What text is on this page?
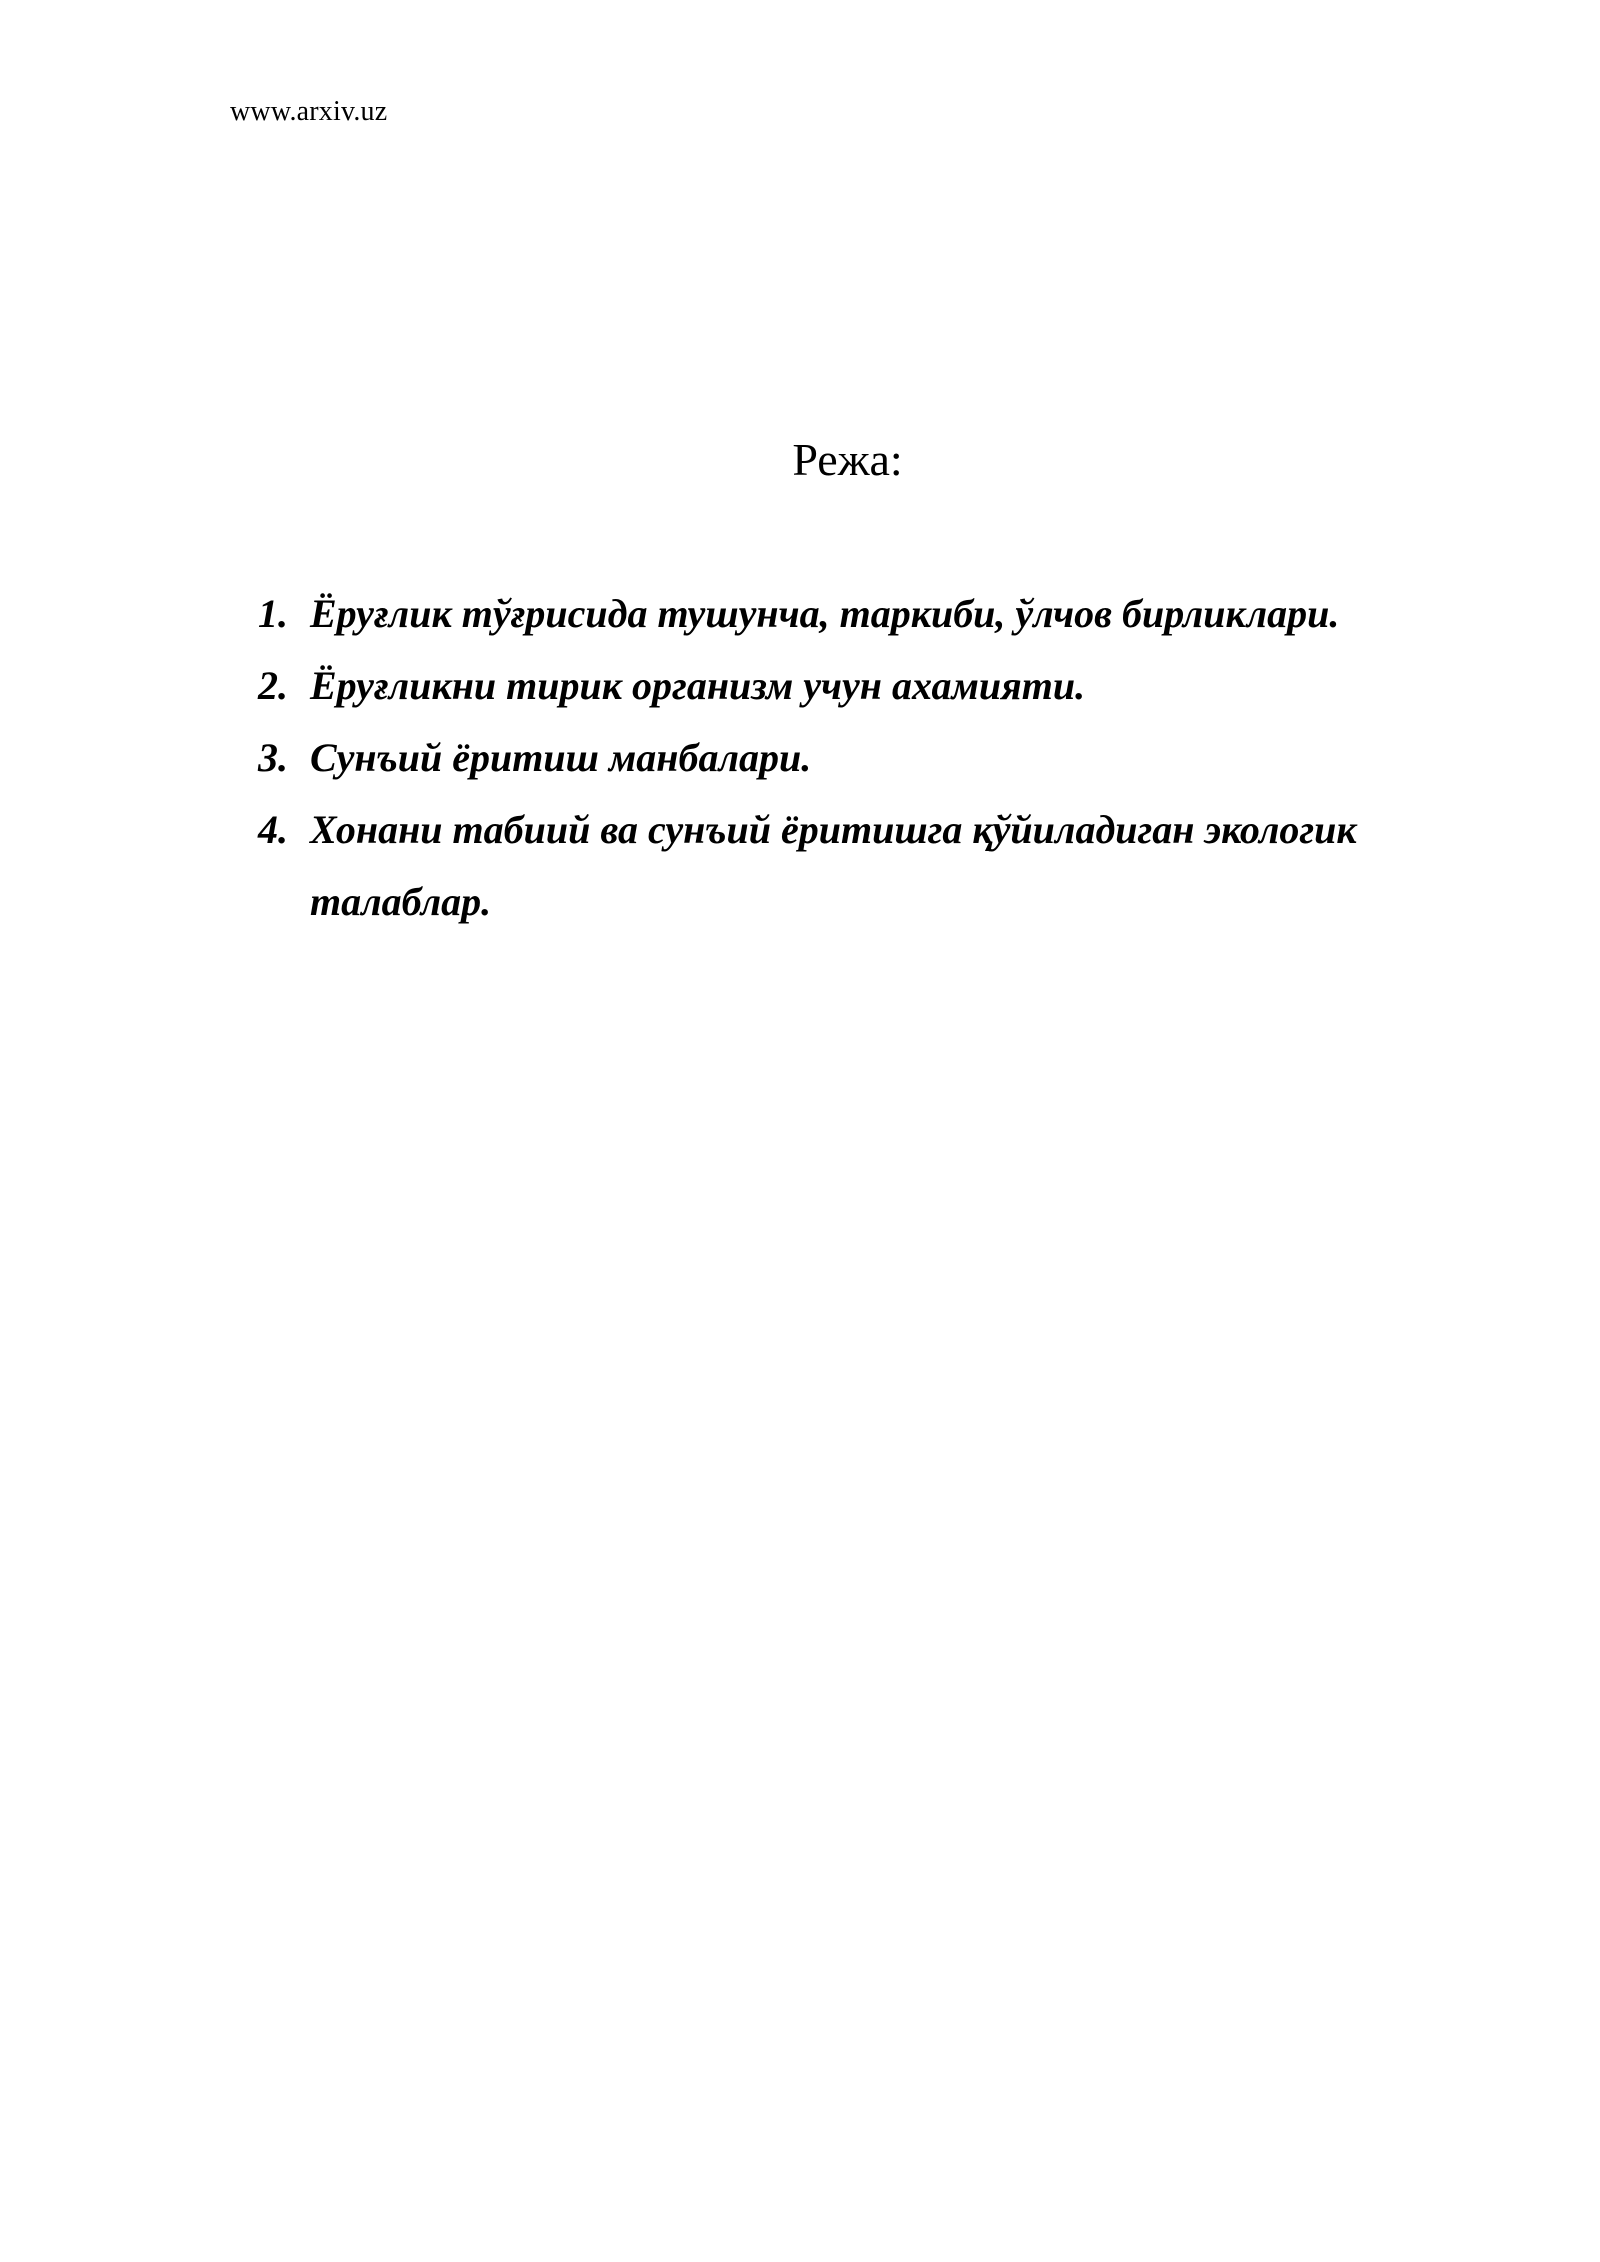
www.arxiv.uz
Режа:
1. Ёруғлик тўғрисида тушунча, таркиби, ўлчов бирликлари.
2. Ёруғликни тирик организм учун ахамияти.
3. Сунъий ёритиш манбалари.
4. Хонани табиий ва сунъий ёритишга қўйиладиган экологик талаблар.
